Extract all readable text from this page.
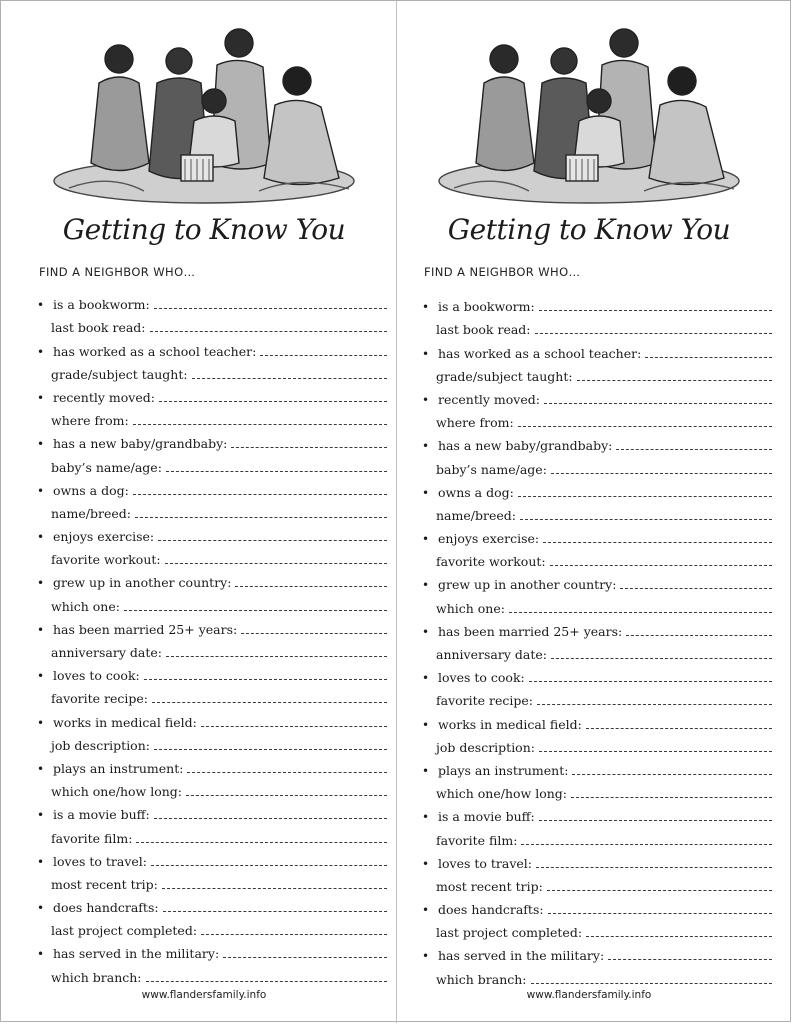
Getting to Know You
FIND A NEIGHBOR WHO…
• is a bookworm:
last book read:
• has worked as a school teacher:
grade/subject taught:
• recently moved:
where from:
• has a new baby/grandbaby:
baby’s name/age:
• owns a dog:
name/breed:
• enjoys exercise:
favorite workout:
• grew up in another country:
which one:
• has been married 25+ years:
anniversary date:
• loves to cook:
favorite recipe:
• works in medical field:
job description:
• plays an instrument:
which one/how long:
• is a movie buff:
favorite film:
• loves to travel:
most recent trip:
• does handcrafts:
last project completed:
• has served in the military:
which branch:
www.flandersfamily.info
Getting to Know You
FIND A NEIGHBOR WHO…
• is a bookworm:
last book read:
• has worked as a school teacher:
grade/subject taught:
• recently moved:
where from:
• has a new baby/grandbaby:
baby’s name/age:
• owns a dog:
name/breed:
• enjoys exercise:
favorite workout:
• grew up in another country:
which one:
• has been married 25+ years:
anniversary date:
• loves to cook:
favorite recipe:
• works in medical field:
job description:
• plays an instrument:
which one/how long:
• is a movie buff:
favorite film:
• loves to travel:
most recent trip:
• does handcrafts:
last project completed:
• has served in the military:
which branch:
www.flandersfamily.info
